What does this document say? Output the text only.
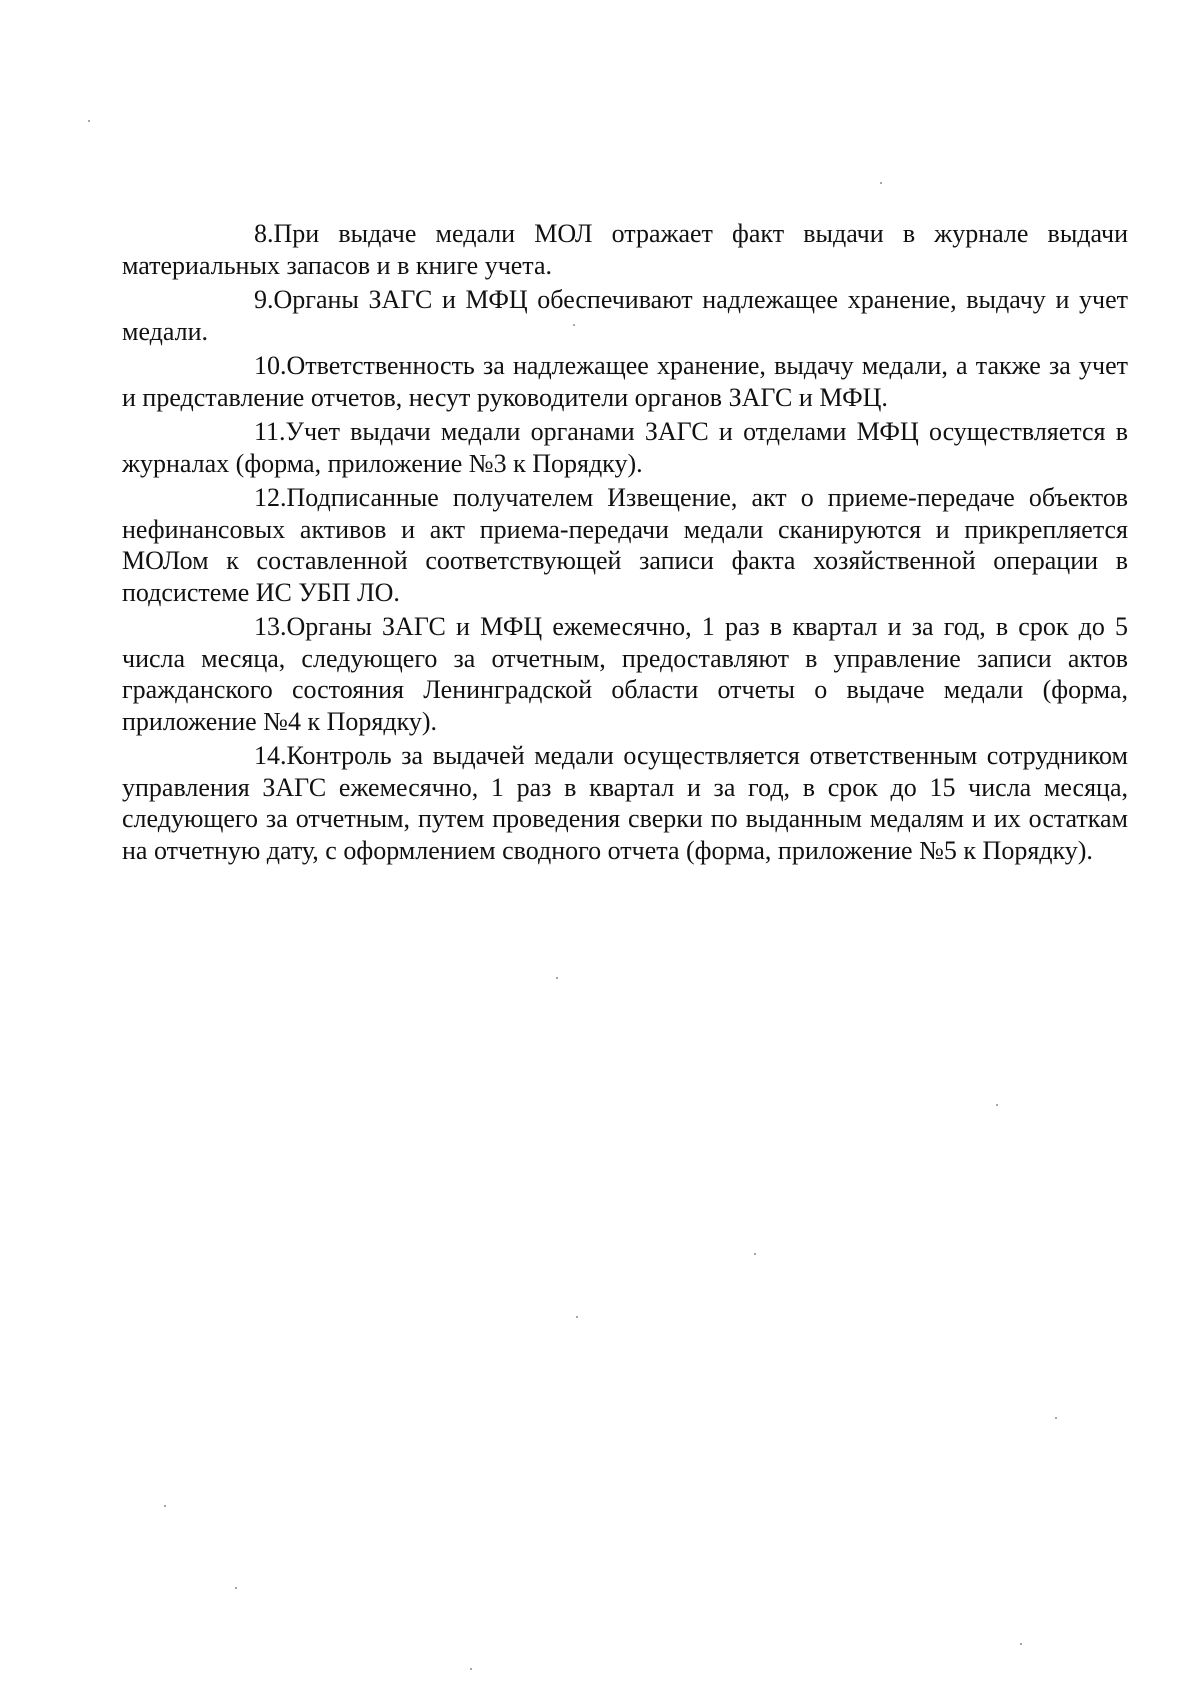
8.При выдаче медали МОЛ отражает факт выдачи в журнале выдачи материальных запасов и в книге учета.

9.Органы ЗАГС и МФЦ обеспечивают надлежащее хранение, выдачу и учет медали.

10.Ответственность за надлежащее хранение, выдачу медали, а также за учет и представление отчетов, несут руководители органов ЗАГС и МФЦ.

11.Учет выдачи медали органами ЗАГС и отделами МФЦ осуществляется в журналах (форма, приложение №3 к Порядку).

12.Подписанные получателем Извещение, акт о приеме-передаче объектов нефинансовых активов и акт приема-передачи медали сканируются и прикрепляется МОЛом к составленной соответствующей записи факта хозяйственной операции в подсистеме ИС УБП ЛО.

13.Органы ЗАГС и МФЦ ежемесячно, 1 раз в квартал и за год, в срок до 5 числа месяца, следующего за отчетным, предоставляют в управление записи актов гражданского состояния Ленинградской области отчеты о выдаче медали (форма, приложение №4 к Порядку).

14.Контроль за выдачей медали осуществляется ответственным сотрудником управления ЗАГС ежемесячно, 1 раз в квартал и за год, в срок до 15 числа месяца, следующего за отчетным, путем проведения сверки по выданным медалям и их остаткам на отчетную дату, с оформлением сводного отчета (форма, приложение №5 к Порядку).
